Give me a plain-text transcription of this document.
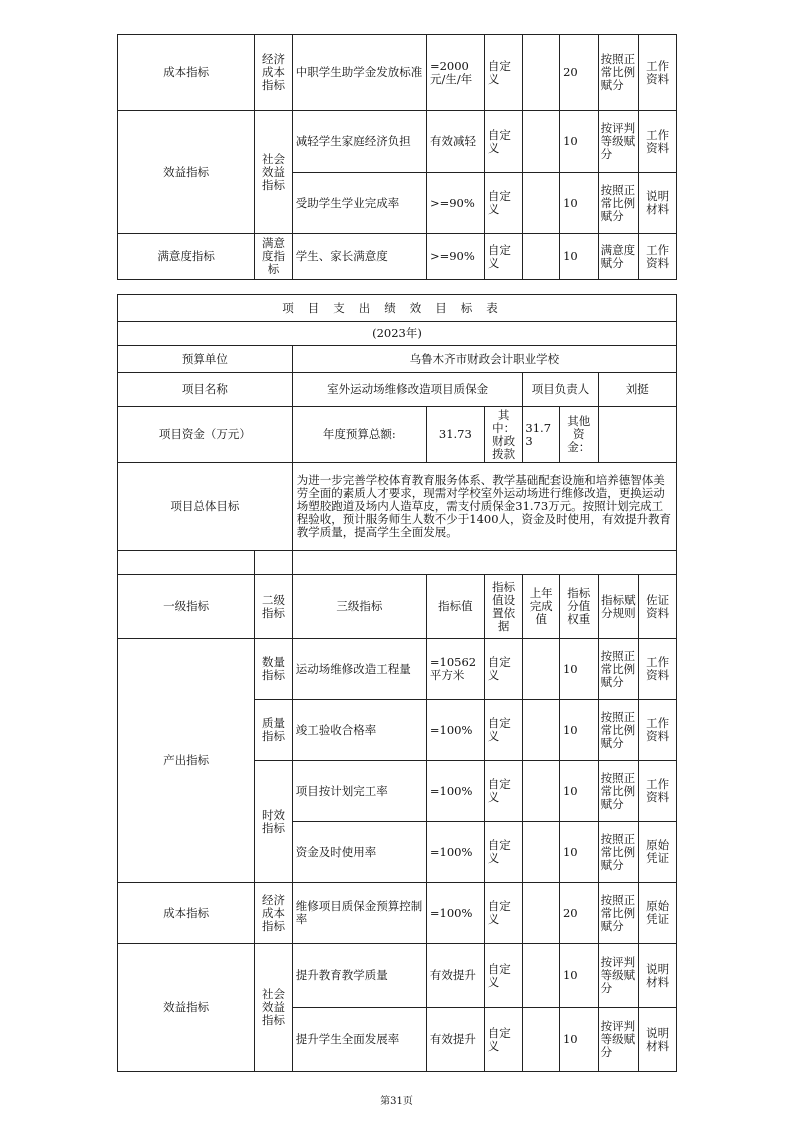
成本指标	经济成本指标	中职学生助学金发放标准	=2000元/生/年	自定义		20	按照正常比例赋分	工作资料
效益指标	社会效益指标	减轻学生家庭经济负担	有效减轻	自定义		10	按评判等级赋分	工作资料
		受助学生学业完成率	>=90%	自定义		10	按照正常比例赋分	说明材料
满意度指标	满意度指标	学生、家长满意度	>=90%	自定义		10	满意度赋分	工作资料
项目支出绩效目标表								
(2023年)								
预算单位		乌鲁木齐市财政会计职业学校						
项目名称		室外运动场维修改造项目质保金			项目负责人		刘挺	
项目资金（万元）		年度预算总额:	31.73	其中：财政拨款	31.73	其他资金：		
项目总体目标		为进一步完善学校体育教育服务体系、教学基础配套设施和培养德智体美劳全面的素质人才要求，现需对学校室外运动场进行维修改造，更换运动场塑胶跑道及场内人造草皮，需支付质保金31.73万元。按照计划完成工程验收，预计服务师生人数不少于1400人，资金及时使用，有效提升教育教学质量，提高学生全面发展。						

一级指标	二级指标	三级指标	指标值	指标值设置依据	上年完成值	指标分值权重	指标赋分规则	佐证资料
产出指标	数量指标	运动场维修改造工程量	=10562平方米	自定义		10	按照正常比例赋分	工作资料
	质量指标	竣工验收合格率	=100%	自定义		10	按照正常比例赋分	工作资料
	时效指标	项目按计划完工率	=100%	自定义		10	按照正常比例赋分	工作资料
		资金及时使用率	=100%	自定义		10	按照正常比例赋分	原始凭证
成本指标	经济成本指标	维修项目质保金预算控制率	=100%	自定义		20	按照正常比例赋分	原始凭证
效益指标	社会效益指标	提升教育教学质量	有效提升	自定义		10	按评判等级赋分	说明材料
		提升学生全面发展率	有效提升	自定义		10	按评判等级赋分	说明材料
第31页
